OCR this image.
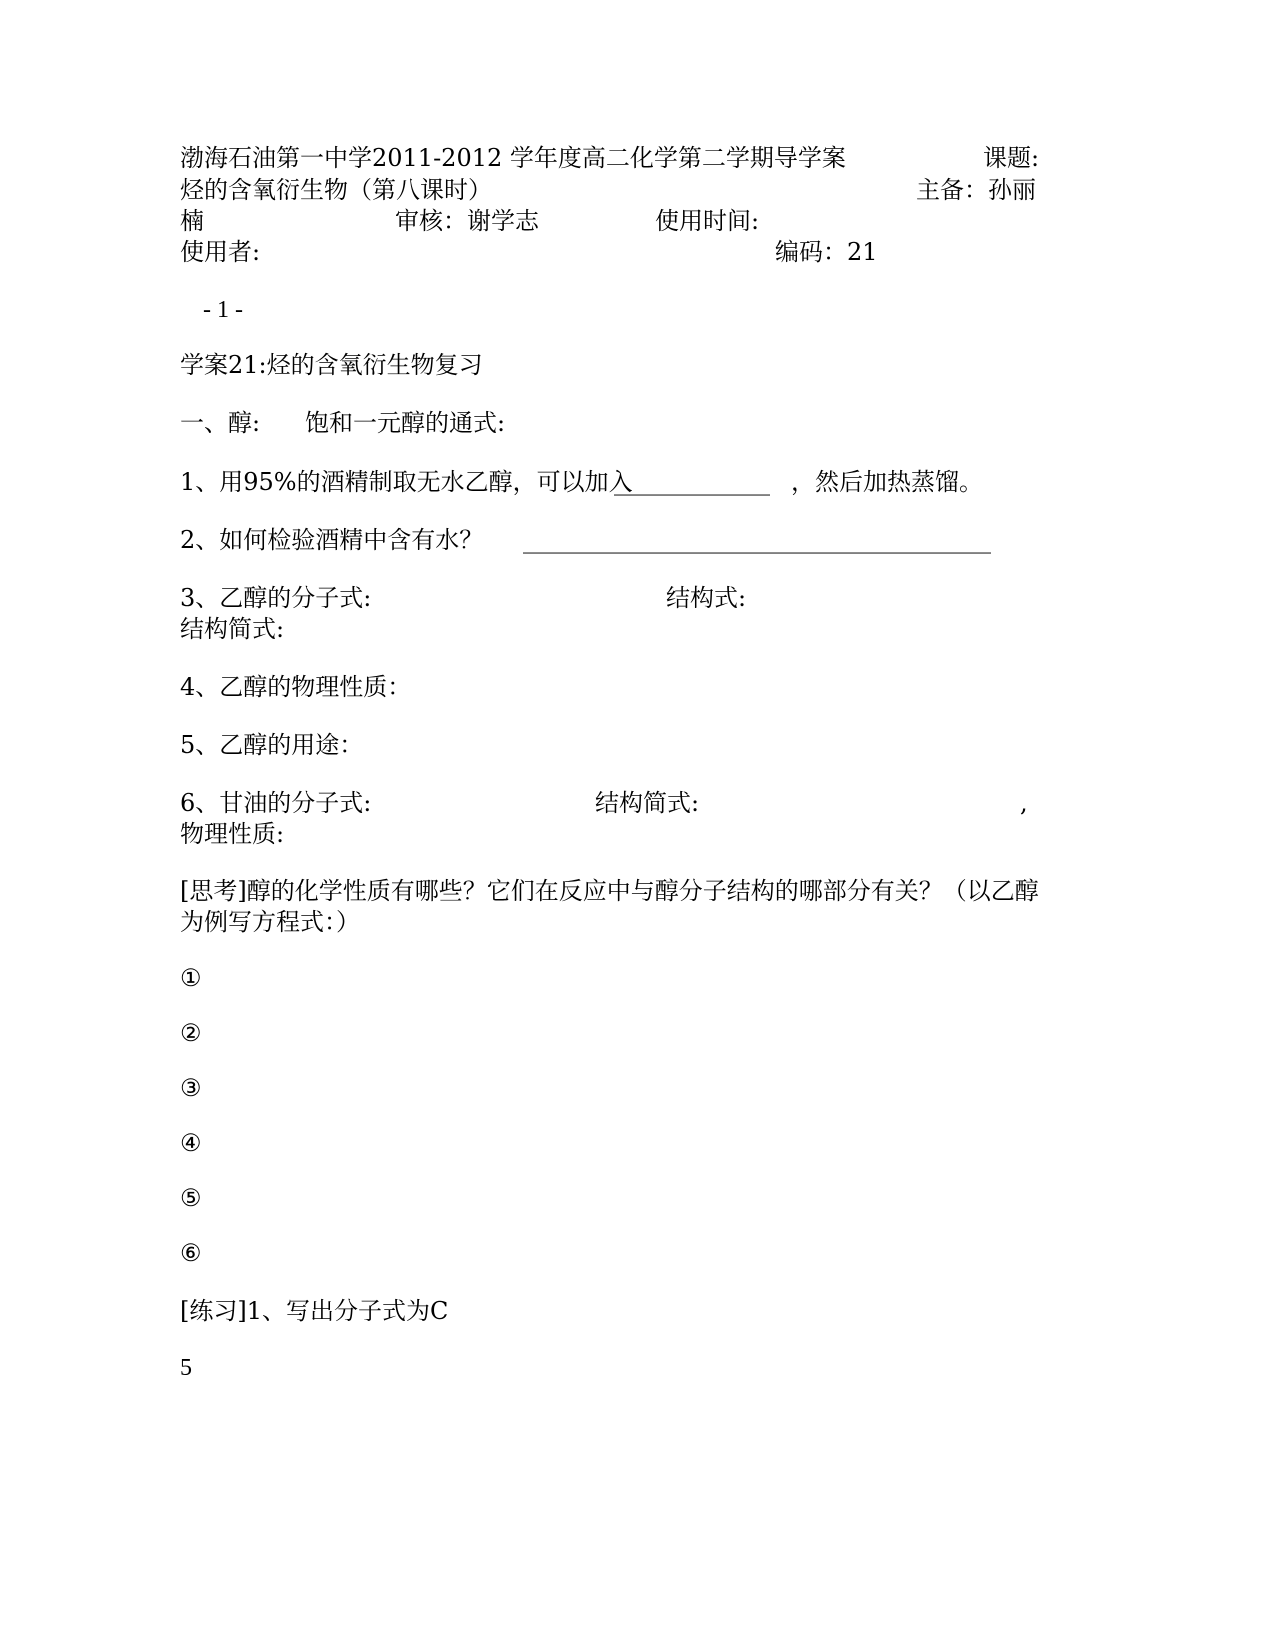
渤海石油第一中学2011-2012 学年度高二化学第二学期导学案	课题:
烃的含氧衍生物（第八课时）	主备：孙丽
楠	审核：谢学志	使用时间:
使用者:	编码：21
- 1 -
学案21:烃的含氧衍生物复习
一、醇: 饱和一元醇的通式:
1、用95%的酒精制取无水乙醇，可以加入
_____________ ，然后加热蒸馏。
2、如何检验酒精中含有水？ _______________________________________
3、乙醇的分子式:	结构式:
结构简式:
4、乙醇的物理性质：
5、乙醇的用途：
6、甘油的分子式:	结构简式:	,
物理性质:
[思考]醇的化学性质有哪些？它们在反应中与醇分子结构的哪部分有关？（以乙醇
为例写方程式：）
①
②
③
④
⑤
⑥
[练习]1、写出分子式为C
5
